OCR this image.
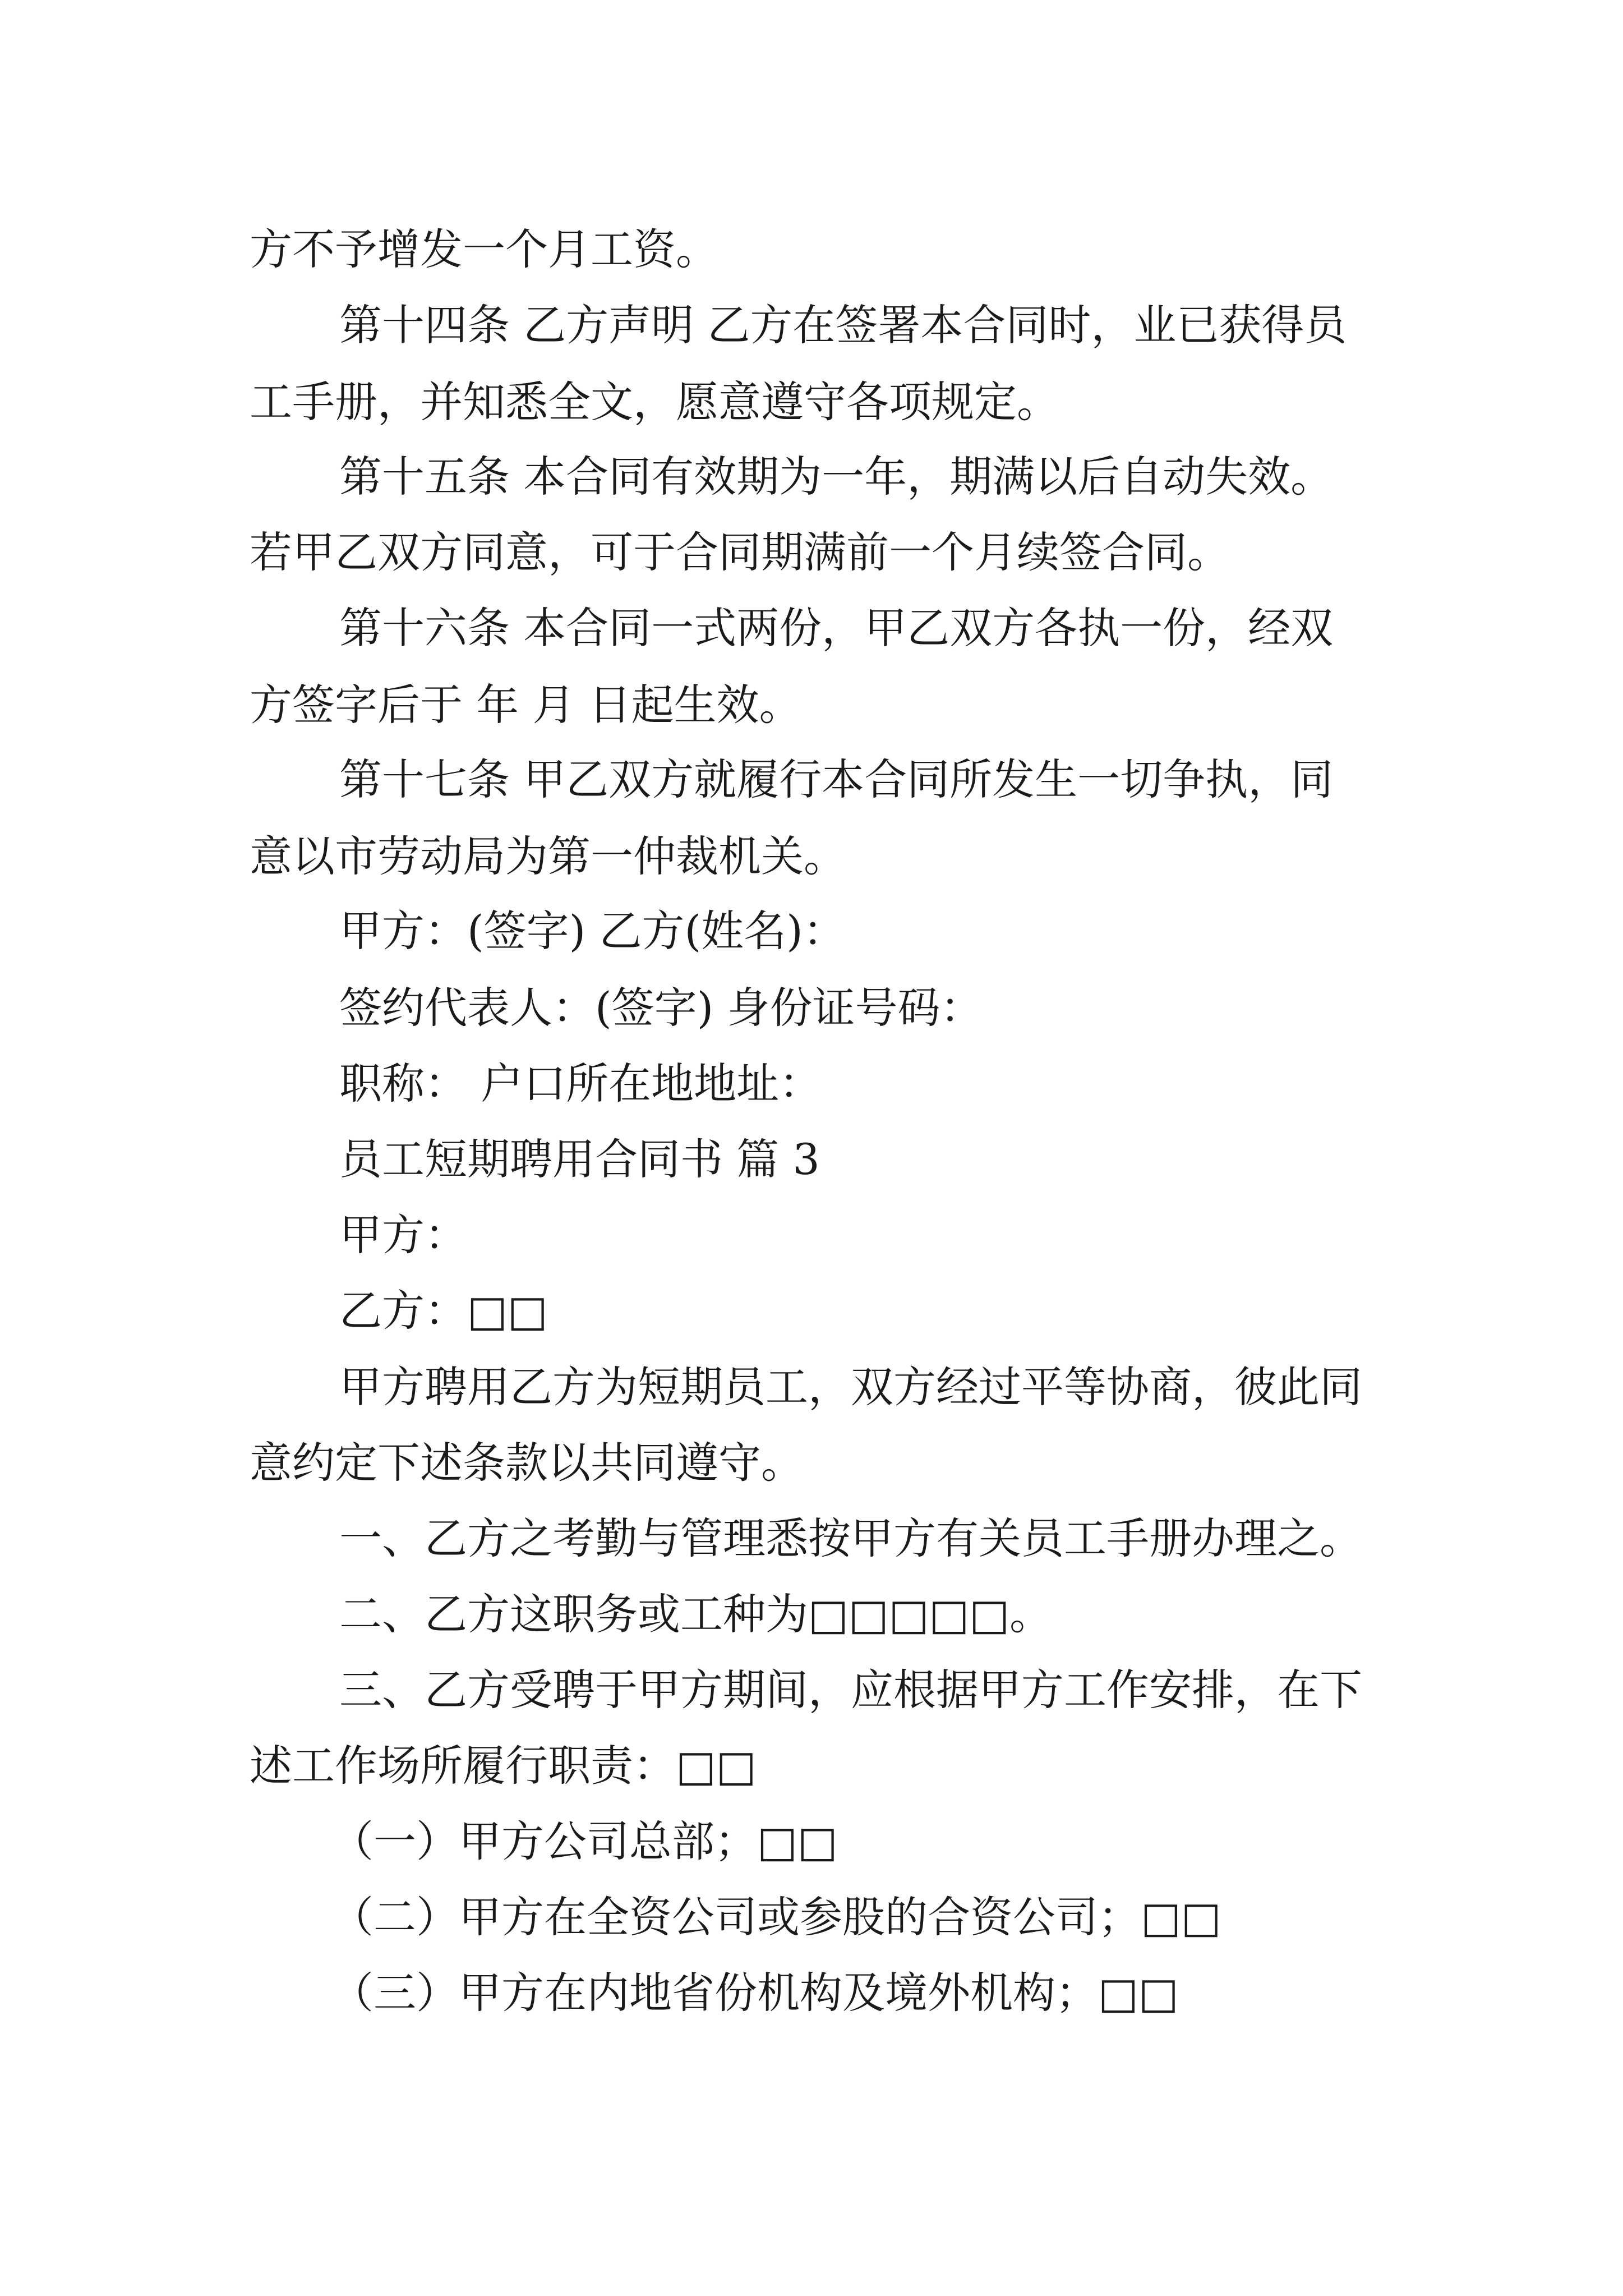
方不予增发一个月工资。
第十四条 乙方声明 乙方在签署本合同时，业已获得员
工手册，并知悉全文，愿意遵守各项规定。
第十五条 本合同有效期为一年，期满以后自动失效。
若甲乙双方同意，可于合同期满前一个月续签合同。
第十六条 本合同一式两份，甲乙双方各执一份，经双
方签字后于 年 月 日起生效。
第十七条 甲乙双方就履行本合同所发生一切争执，同
意以市劳动局为第一仲裁机关。
甲方：(签字) 乙方(姓名)：
签约代表人：(签字) 身份证号码：
职称： 户口所在地地址：
员工短期聘用合同书 篇 3
甲方：
乙方：□□
甲方聘用乙方为短期员工，双方经过平等协商，彼此同
意约定下述条款以共同遵守。
一、乙方之考勤与管理悉按甲方有关员工手册办理之。
二、乙方这职务或工种为□□□□□。
三、乙方受聘于甲方期间，应根据甲方工作安排，在下
述工作场所履行职责：□□
（一）甲方公司总部；□□
（二）甲方在全资公司或参股的合资公司；□□
（三）甲方在内地省份机构及境外机构；□□
